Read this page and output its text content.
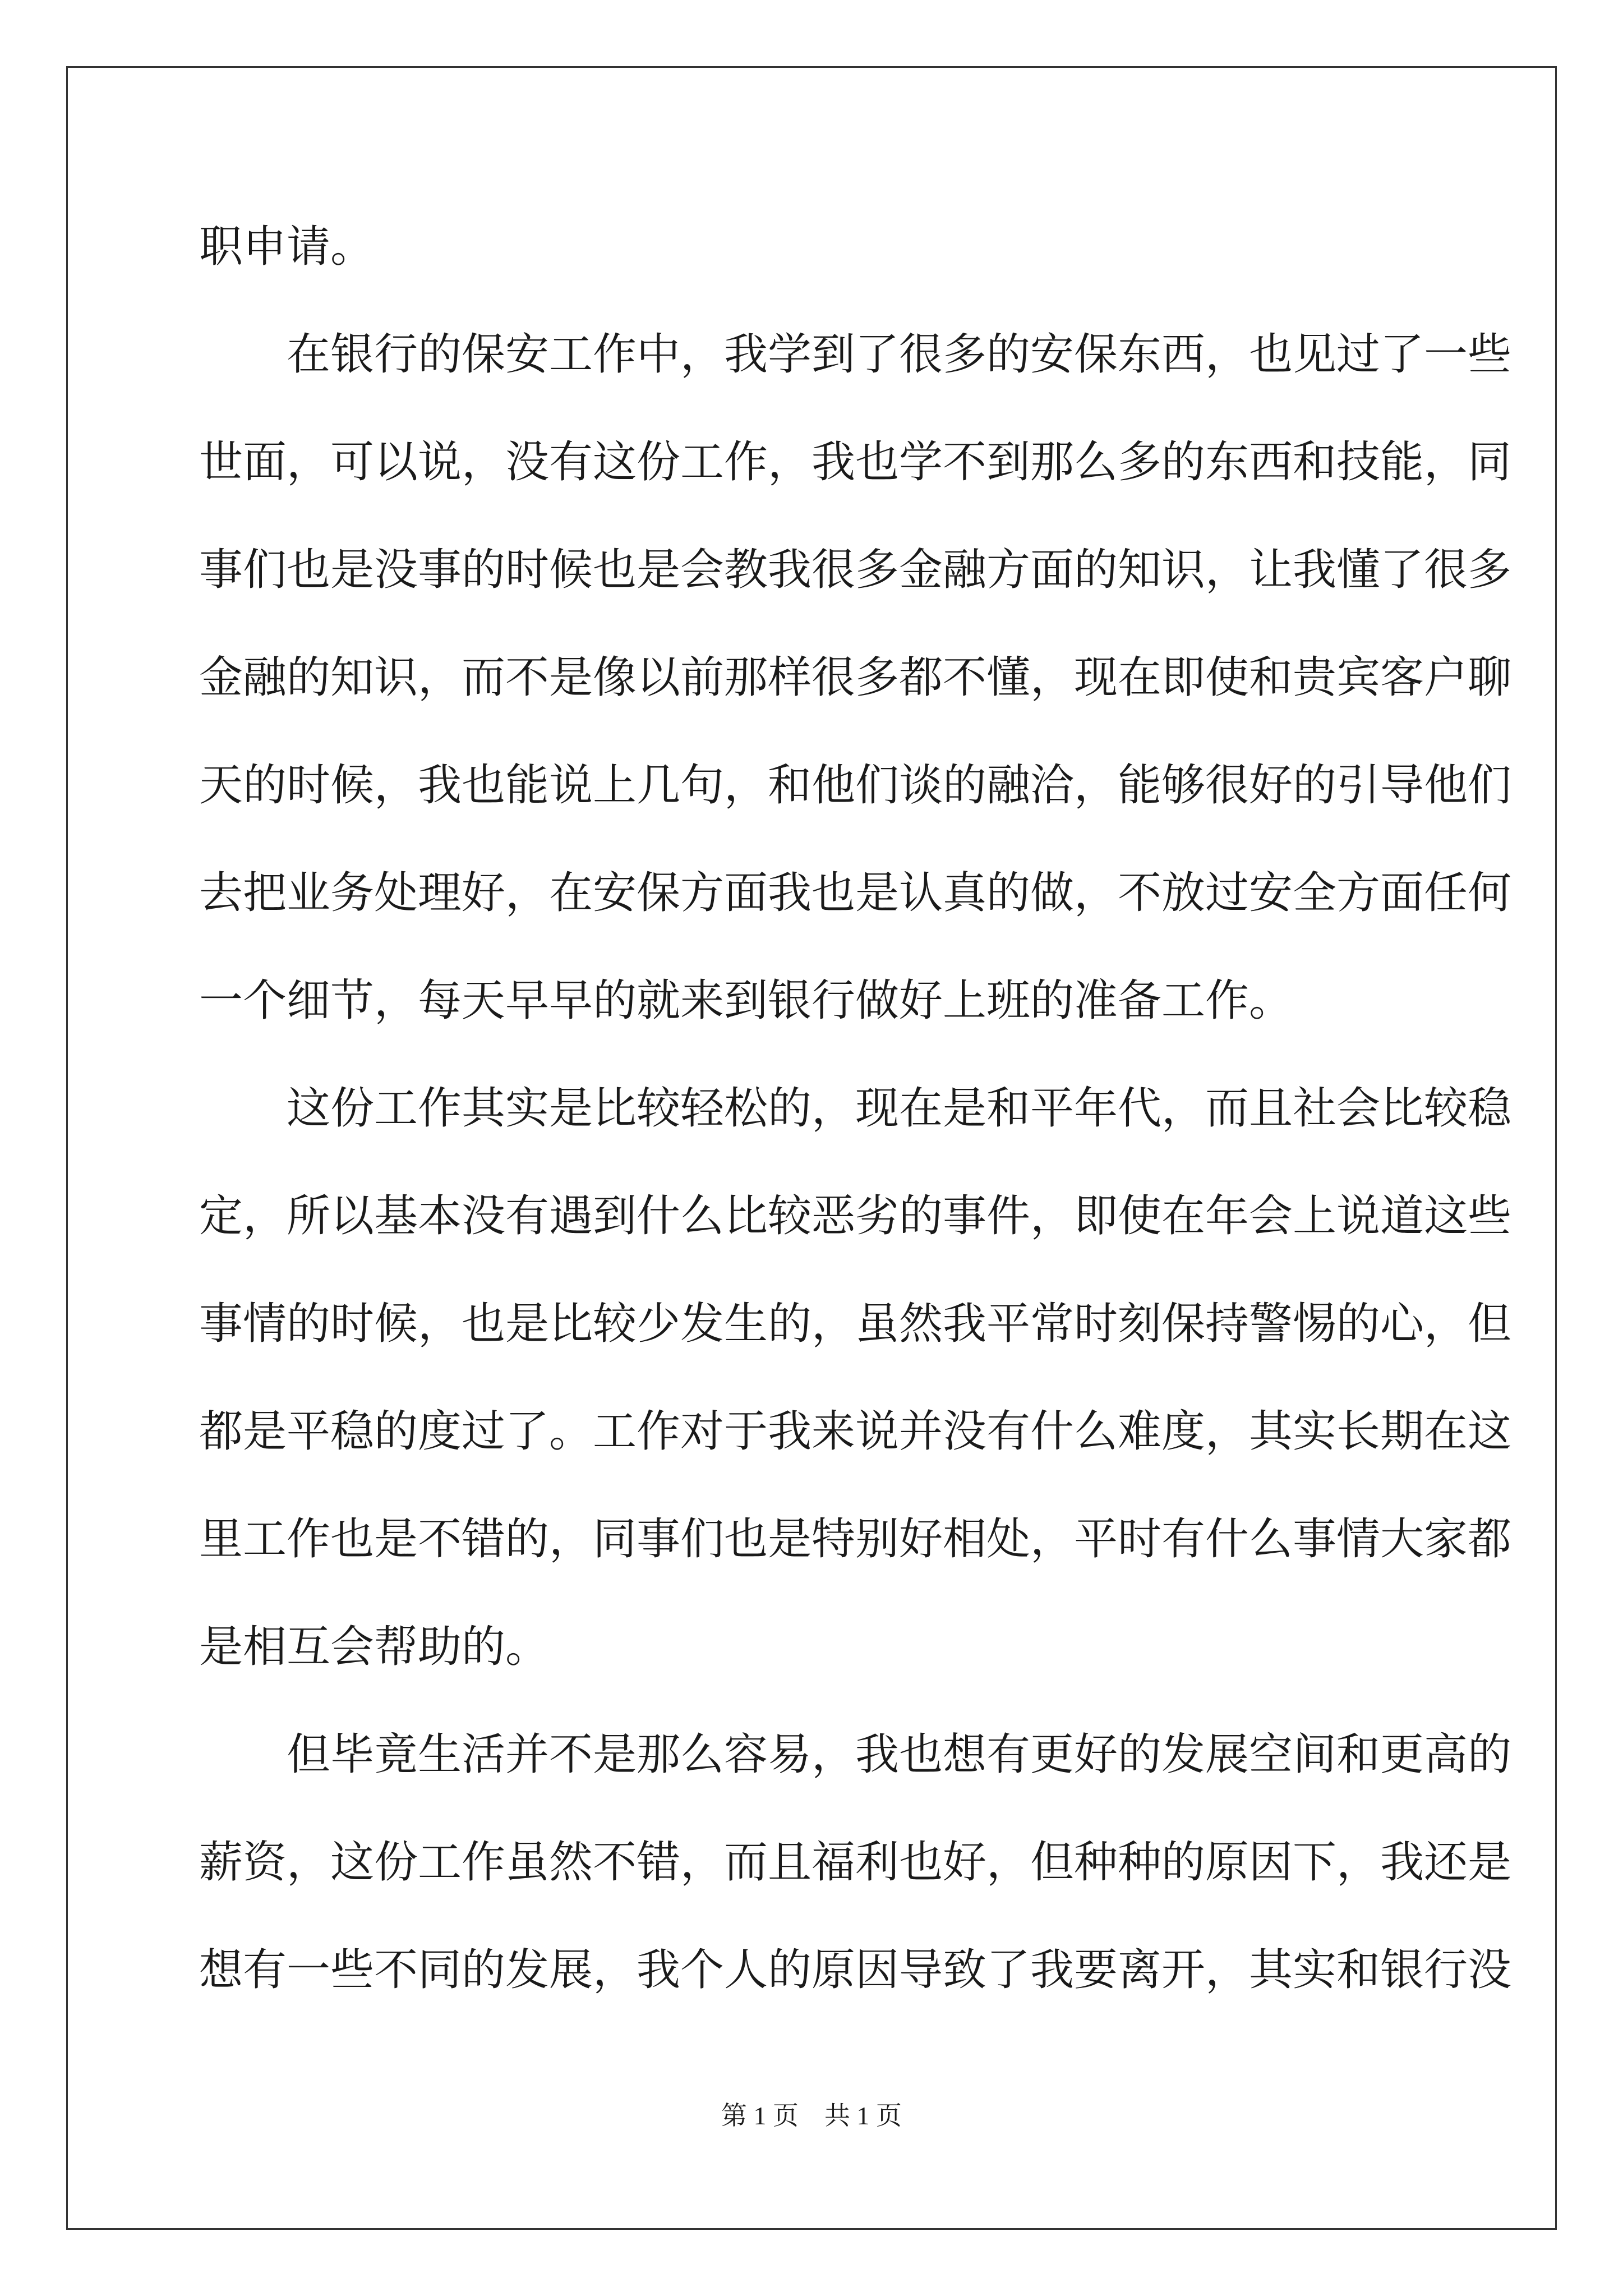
职申请。
在银行的保安工作中，我学到了很多的安保东西，也见过了一些
世面，可以说，没有这份工作，我也学不到那么多的东西和技能，同
事们也是没事的时候也是会教我很多金融方面的知识，让我懂了很多
金融的知识，而不是像以前那样很多都不懂，现在即使和贵宾客户聊
天的时候，我也能说上几句，和他们谈的融洽，能够很好的引导他们
去把业务处理好，在安保方面我也是认真的做，不放过安全方面任何
一个细节，每天早早的就来到银行做好上班的准备工作。
这份工作其实是比较轻松的，现在是和平年代，而且社会比较稳
定，所以基本没有遇到什么比较恶劣的事件，即使在年会上说道这些
事情的时候，也是比较少发生的，虽然我平常时刻保持警惕的心，但
都是平稳的度过了。工作对于我来说并没有什么难度，其实长期在这
里工作也是不错的，同事们也是特别好相处，平时有什么事情大家都
是相互会帮助的。
但毕竟生活并不是那么容易，我也想有更好的发展空间和更高的
薪资，这份工作虽然不错，而且福利也好，但种种的原因下，我还是
想有一些不同的发展，我个人的原因导致了我要离开，其实和银行没
第 1 页　共 1 页
